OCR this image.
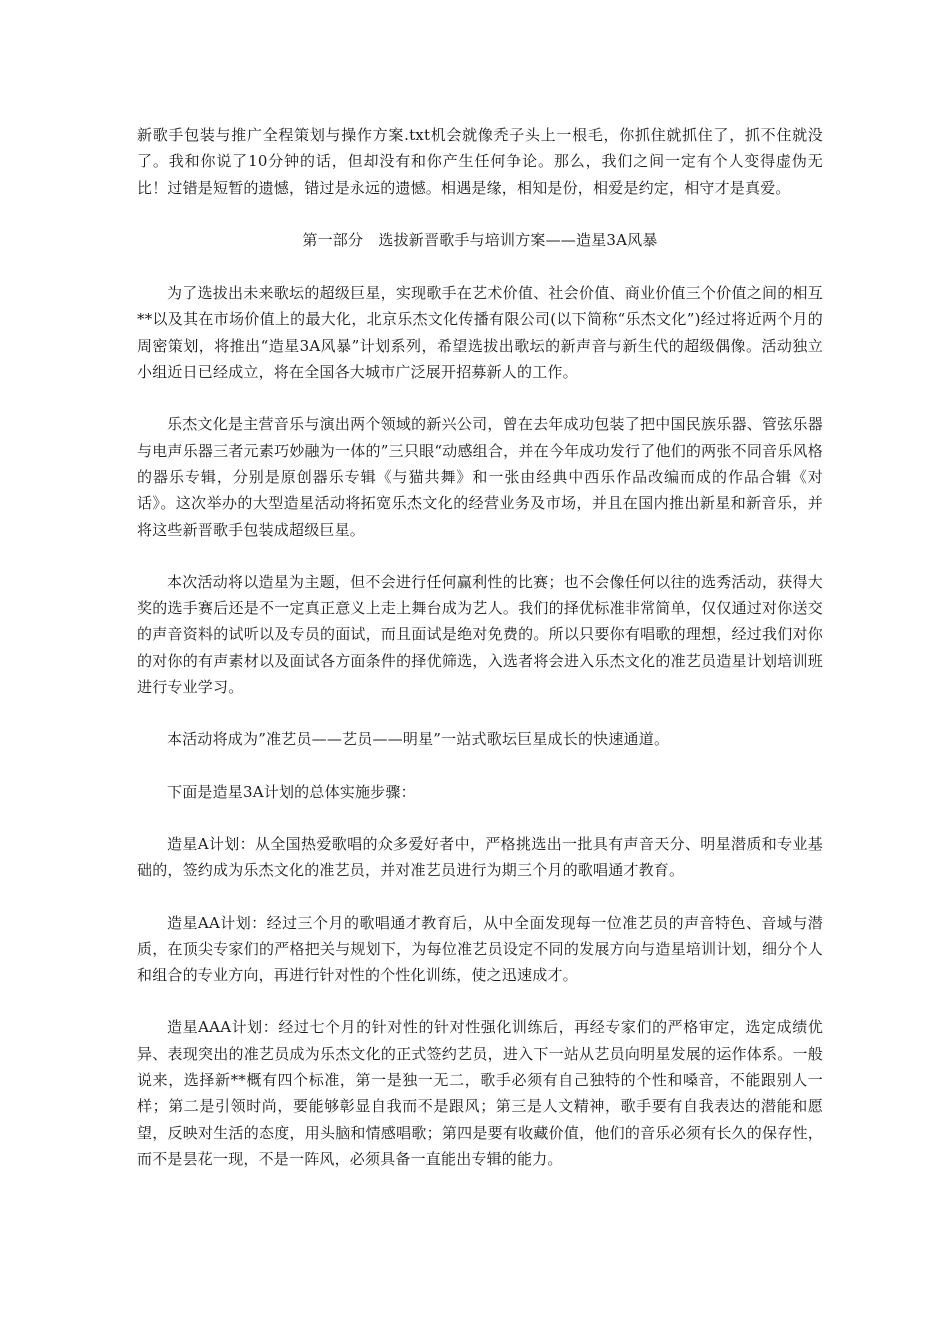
新歌手包装与推广全程策划与操作方案.txt机会就像秃子头上一根毛，你抓住就抓住了，抓不住就没了。我和你说了10分钟的话，但却没有和你产生任何争论。那么，我们之间一定有个人变得虚伪无比！过错是短暂的遗憾，错过是永远的遗憾。相遇是缘，相知是份，相爱是约定，相守才是真爱。

第一部分　选拔新晋歌手与培训方案——造星3A风暴

为了选拔出未来歌坛的超级巨星，实现歌手在艺术价值、社会价值、商业价值三个价值之间的相互**以及其在市场价值上的最大化，北京乐杰文化传播有限公司(以下简称“乐杰文化”)经过将近两个月的周密策划，将推出“造星3A风暴”计划系列，希望选拔出歌坛的新声音与新生代的超级偶像。活动独立小组近日已经成立，将在全国各大城市广泛展开招募新人的工作。

乐杰文化是主营音乐与演出两个领域的新兴公司，曾在去年成功包装了把中国民族乐器、管弦乐器与电声乐器三者元素巧妙融为一体的”三只眼“动感组合，并在今年成功发行了他们的两张不同音乐风格的器乐专辑，分别是原创器乐专辑《与猫共舞》和一张由经典中西乐作品改编而成的作品合辑《对话》。这次举办的大型造星活动将拓宽乐杰文化的经营业务及市场，并且在国内推出新星和新音乐，并将这些新晋歌手包装成超级巨星。

本次活动将以造星为主题，但不会进行任何赢利性的比赛；也不会像任何以往的选秀活动，获得大奖的选手赛后还是不一定真正意义上走上舞台成为艺人。我们的择优标准非常简单，仅仅通过对你送交的声音资料的试听以及专员的面试，而且面试是绝对免费的。所以只要你有唱歌的理想，经过我们对你的对你的有声素材以及面试各方面条件的择优筛选，入选者将会进入乐杰文化的准艺员造星计划培训班进行专业学习。

本活动将成为”准艺员——艺员——明星”一站式歌坛巨星成长的快速通道。

下面是造星3A计划的总体实施步骤：

造星A计划：从全国热爱歌唱的众多爱好者中，严格挑选出一批具有声音天分、明星潜质和专业基础的，签约成为乐杰文化的准艺员，并对准艺员进行为期三个月的歌唱通才教育。

造星AA计划：经过三个月的歌唱通才教育后，从中全面发现每一位准艺员的声音特色、音域与潜质，在顶尖专家们的严格把关与规划下，为每位准艺员设定不同的发展方向与造星培训计划，细分个人和组合的专业方向，再进行针对性的个性化训练，使之迅速成才。

造星AAA计划：经过七个月的针对性的针对性强化训练后，再经专家们的严格审定，选定成绩优异、表现突出的准艺员成为乐杰文化的正式签约艺员，进入下一站从艺员向明星发展的运作体系。一般说来，选择新**概有四个标准，第一是独一无二，歌手必须有自己独特的个性和嗓音，不能跟别人一样；第二是引领时尚，要能够彰显自我而不是跟风；第三是人文精神，歌手要有自我表达的潜能和愿望，反映对生活的态度，用头脑和情感唱歌；第四是要有收藏价值，他们的音乐必须有长久的保存性，而不是昙花一现，不是一阵风，必须具备一直能出专辑的能力。
